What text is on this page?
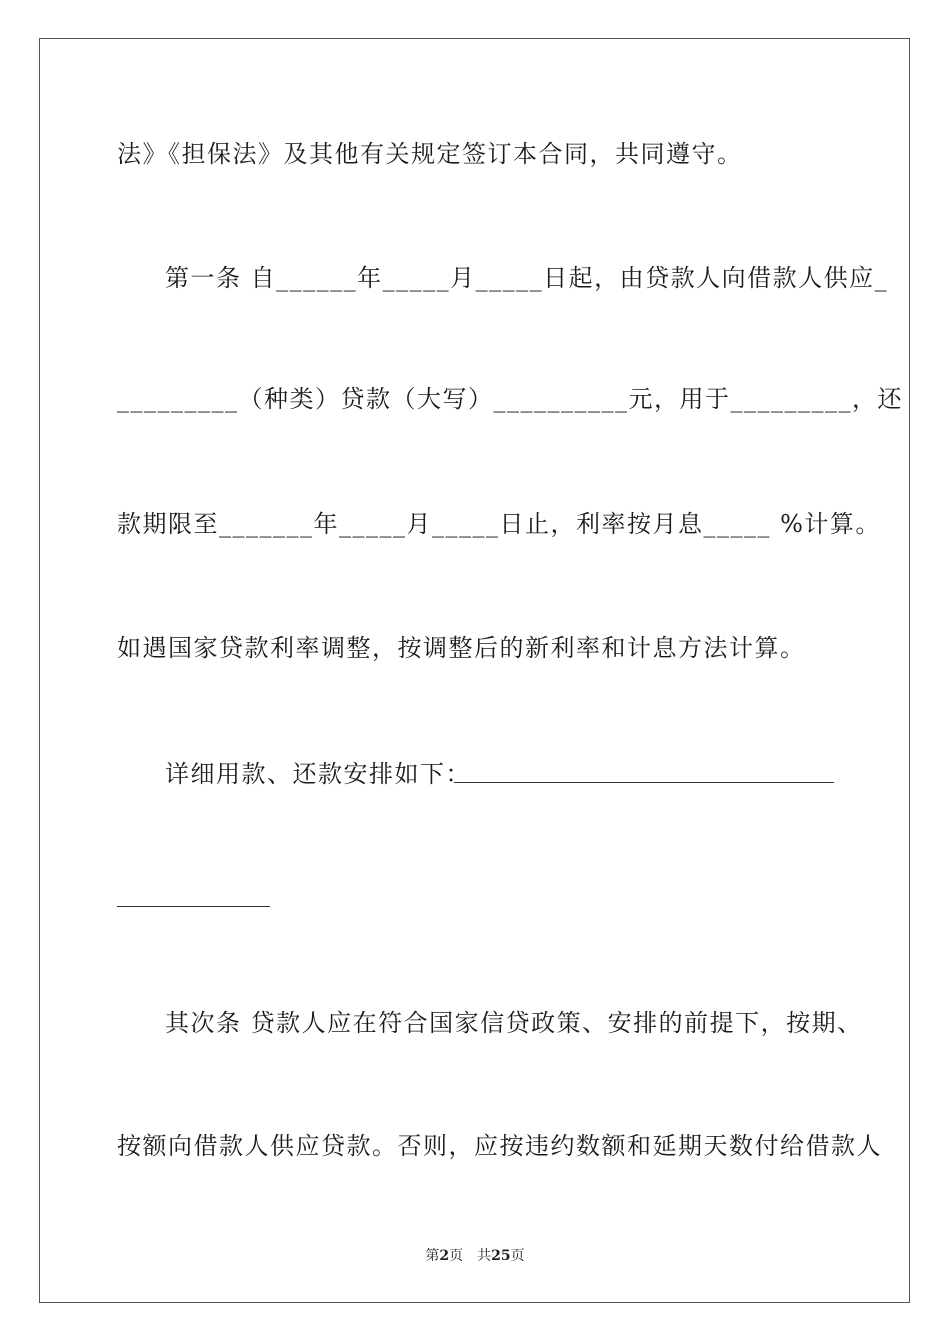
法》《担保法》及其他有关规定签订本合同，共同遵守。
第一条 自______年_____月_____日起，由贷款人向借款人供应_
_________（种类）贷款（大写）__________元，用于_________，还
款期限至_______年_____月_____日止，利率按月息_____ %计算。
如遇国家贷款利率调整，按调整后的新利率和计息方法计算。
详细用款、还款安排如下：
其次条 贷款人应在符合国家信贷政策、安排的前提下，按期、
按额向借款人供应贷款。否则，应按违约数额和延期天数付给借款人
第2页 共25页
